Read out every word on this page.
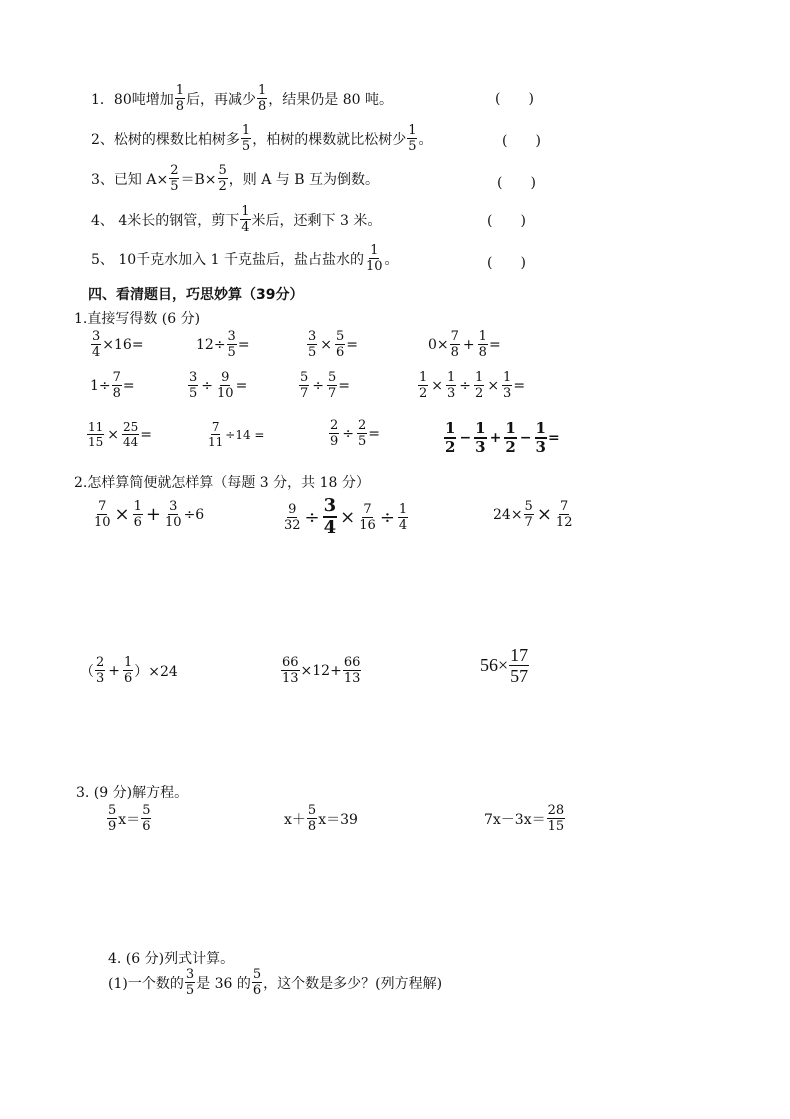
1．80吨增加 $\frac{1}{8}$ 后，再减少 $\frac{1}{8}$ ，结果仍是 80 吨。	(　　)
2、松树的棵数比柏树多 $\frac{1}{5}$ ，柏树的棵数就比松树少 $\frac{1}{5}$ 。	(　　)
3、已知 $A\times \frac{2}{5} =B\times \frac{5}{2}$ ，则 A 与 B 互为倒数。	(　　)
4、 4米长的钢管，剪下 $\frac{1}{4}$ 米后，还剩下 3 米。	(　　)
5、 10千克水加入 1 千克盐后，盐占盐水的 $\frac{1}{10}$ 。	(　　)
四、看清题目，巧思妙算（39分）
1.直接写得数 (6 分)
$\frac{3}{4} \times 16=$	$12\div \frac{3}{5}$ =	$\frac{3}{5} \times \frac{5}{6}$ =	$0\times \frac{7}{8} + \frac{1}{8}$ =
$1\div \frac{7}{8}$ =	$\frac{3}{5} \div \frac{9}{10}$ =	$\frac{5}{7} \div \frac{5}{7}$ =	$\frac{1}{2} \times \frac{1}{3} \div \frac{1}{2} \times \frac{1}{3}$ =
$\frac{11}{15} \times \frac{25}{44}$ =	$\frac{7}{11} \div 14$ =	$\frac{2}{9} \div \frac{2}{5}$ =	$\frac{1}{2} - \frac{1}{3} + \frac{1}{2} - \frac{1}{3}$ =
2.怎样算简便就怎样算（每题 3 分，共 18 分）
$\frac{7}{10} \times \frac{1}{6} + \frac{3}{10} \div 6$	$\frac{9}{32} \div \frac{3}{4} \times \frac{7}{16} \div \frac{1}{4}$	$24\times \frac{5}{7} \times \frac{7}{12}$
（ $\frac{2}{3} + \frac{1}{6} )\times 24$	$\frac{66}{13} \times 12+ \frac{66}{13}$	$56\times \frac{17}{57}$
3. (9 分)解方程。
$\frac{5}{9} x= \frac{5}{6}$	$x+ \frac{5}{8} x=39$	$7x-3x= \frac{28}{15}$
4. (6 分)列式计算。
(1)一个数的 $\frac{3}{5}$ 是 36 的 $\frac{5}{6}$ ，这个数是多少？(列方程解)
